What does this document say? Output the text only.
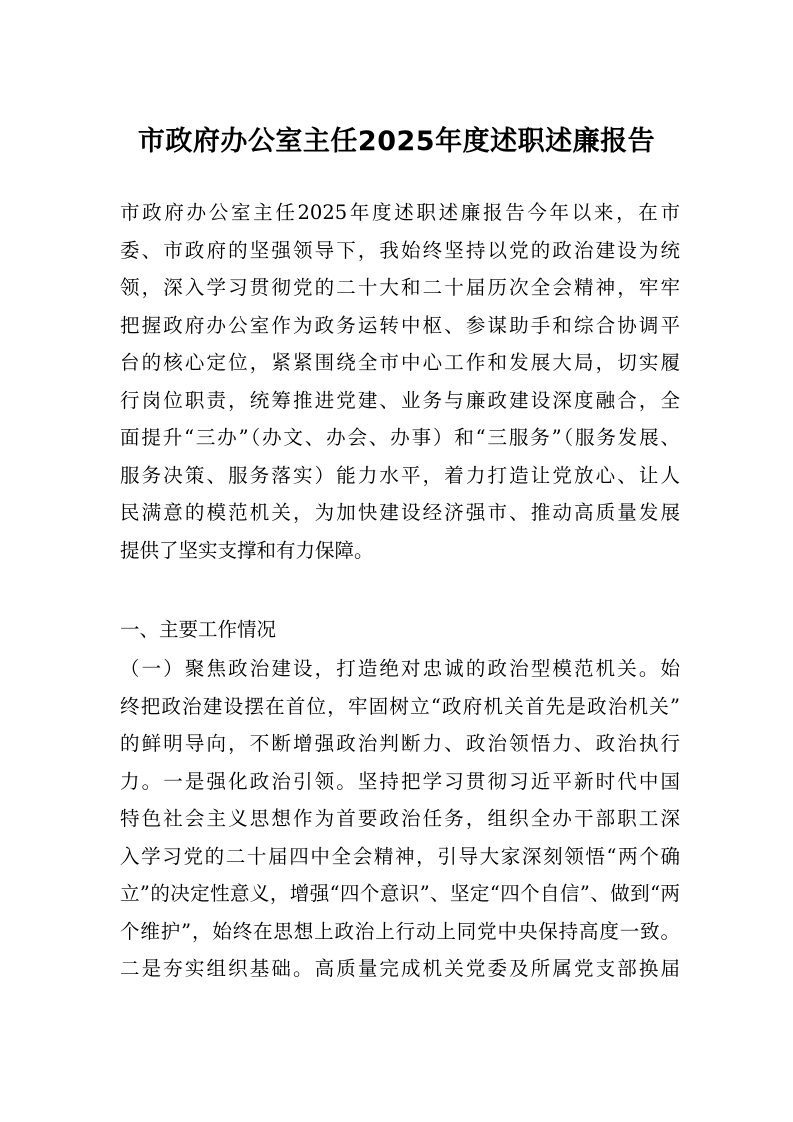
市政府办公室主任2025年度述职述廉报告
市政府办公室主任2025年度述职述廉报告今年以来，在市
委、市政府的坚强领导下，我始终坚持以党的政治建设为统
领，深入学习贯彻党的二十大和二十届历次全会精神，牢牢
把握政府办公室作为政务运转中枢、参谋助手和综合协调平
台的核心定位，紧紧围绕全市中心工作和发展大局，切实履
行岗位职责，统筹推进党建、业务与廉政建设深度融合，全
面提升“三办”（办文、办会、办事）和“三服务”（服务发展、
服务决策、服务落实）能力水平，着力打造让党放心、让人
民满意的模范机关，为加快建设经济强市、推动高质量发展
提供了坚实支撑和有力保障。
一、主要工作情况
（一）聚焦政治建设，打造绝对忠诚的政治型模范机关。始
终把政治建设摆在首位，牢固树立“政府机关首先是政治机关”
的鲜明导向，不断增强政治判断力、政治领悟力、政治执行
力。一是强化政治引领。坚持把学习贯彻习近平新时代中国
特色社会主义思想作为首要政治任务，组织全办干部职工深
入学习党的二十届四中全会精神，引导大家深刻领悟“两个确
立”的决定性意义，增强“四个意识”、坚定“四个自信”、做到“两
个维护”，始终在思想上政治上行动上同党中央保持高度一致。
二是夯实组织基础。高质量完成机关党委及所属党支部换届
